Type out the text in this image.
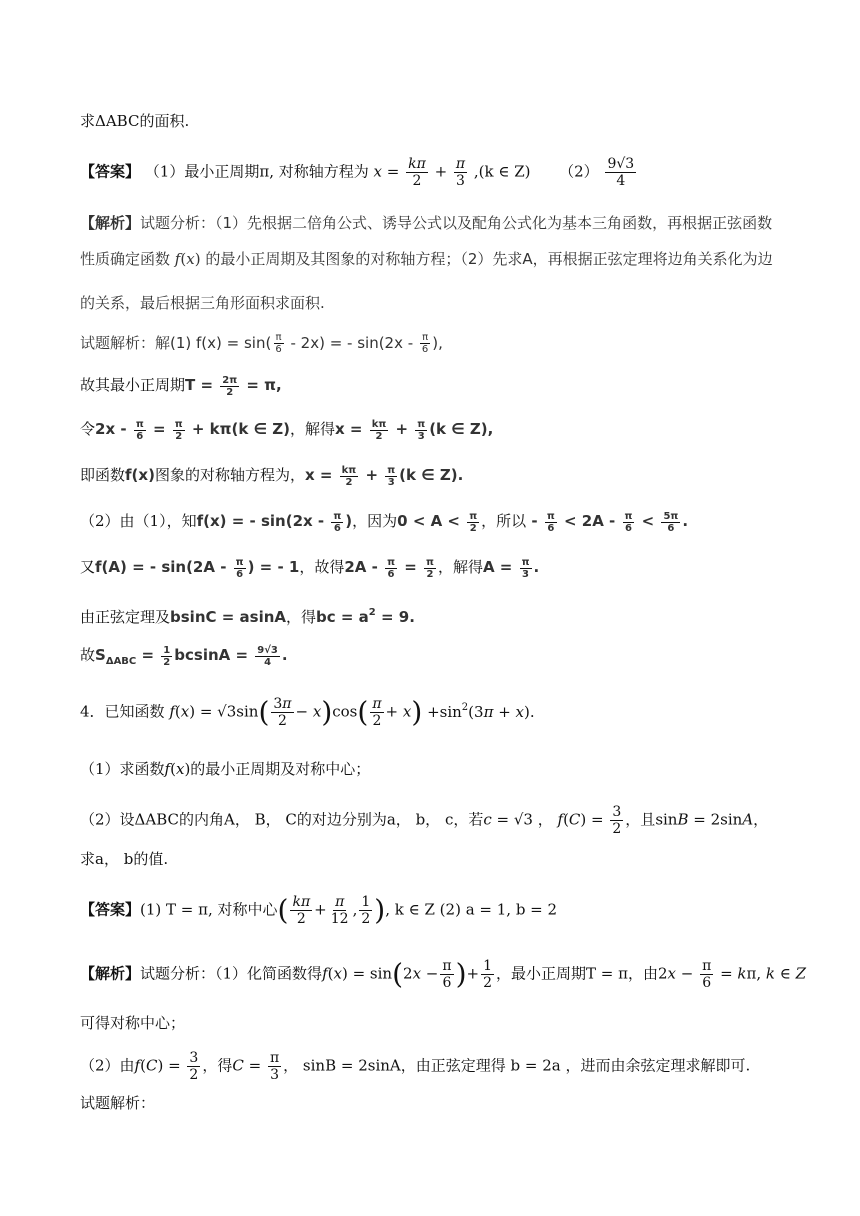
求ΔABC的面积.
【答案】 （1）最小正周期π, 对称轴方程为 $x = \frac{k\pi}{2} + \frac{\pi}{3} ,(k$ ∈ Z) $(2) \frac{9√3}{4}$
【解析】试题分析：（1）先根据二倍角公式、诱导公式以及配角公式化为基本三角函数，再根据正弦函数
性质确定函数 f(x) 的最小正周期及其图象的对称轴方程；（2）先求A，再根据正弦定理将边角关系化为边
的关系，最后根据三角形面积求面积.
试题解析：解(1) $f(x) = \sin( \frac{\pi}{6} - 2x)$ = - $\sin(2x - \frac{\pi}{6}$ ),
故其最小正周期$T = \frac{2\pi}{2} = \pi$,
令$2x - \frac{\pi}{6} = \frac{\pi}{2} + k\pi(k$ ∈ Z)，解得$x = \frac{k\pi}{2} + \frac{\pi}{3} (k$ ∈ Z),
即函数f(x)图象的对称轴方程为，$x = \frac{k\pi}{2} + \frac{\pi}{3} (k$ ∈ Z).
（2）由（1），知f(x) = - $\sin(2x - \frac{\pi}{6}$ )，因为$0 < A < \frac{\pi}{2}$ ，所以 - $\frac{\pi}{6} < 2A - \frac{\pi}{6} < \frac{5\pi}{6}$ .
又f(A) = - $\sin(2A - \frac{\pi}{6}$ ) = - 1，故得$2A - \frac{\pi}{6} = \frac{\pi}{2}$ ，解得$A = \frac{\pi}{3}$ .
由正弦定理及bsinC = asinA，得bc = $a^2 = 9$.
故$S_{\Delta ABC} = \frac{1}{2}$ $bcsinA = \frac{9√3}{4}$ .
4．已知函数 $f(x) = √3\sin( \frac{3\pi}{2} - x)\cos( \frac{\pi}{2} + x) +\sin^2(3\pi + x)$.
（1）求函数f(x)的最小正周期及对称中心；
（2）设ΔABC的内角A， B， C的对边分别为a， b， c，若c = √3 ， $f(C) = \frac{3}{2}$ ，且sinB = 2sinA，
求a， b的值.
【答案】(1) T = π, 对称中心( $\frac{k\pi}{2} + \frac{\pi}{12}$ , $\frac{1}{2}$ ), k ∈ Z (2) a = 1, b = 2
【解析】试题分析：（1）化简函数得$f(x) = \sin(2x - \frac{\pi}{6}$ )+ $\frac{1}{2}$ ，最小正周期T = π，由$2x - \frac{\pi}{6} = k\pi$, k ∈ Z
可得对称中心；
（2）由$f(C) = \frac{3}{2}$ ，得$C = \frac{\pi}{3}$ ， sinB = 2sinA，由正弦定理得 b = 2a ，进而由余弦定理求解即可.
试题解析：
